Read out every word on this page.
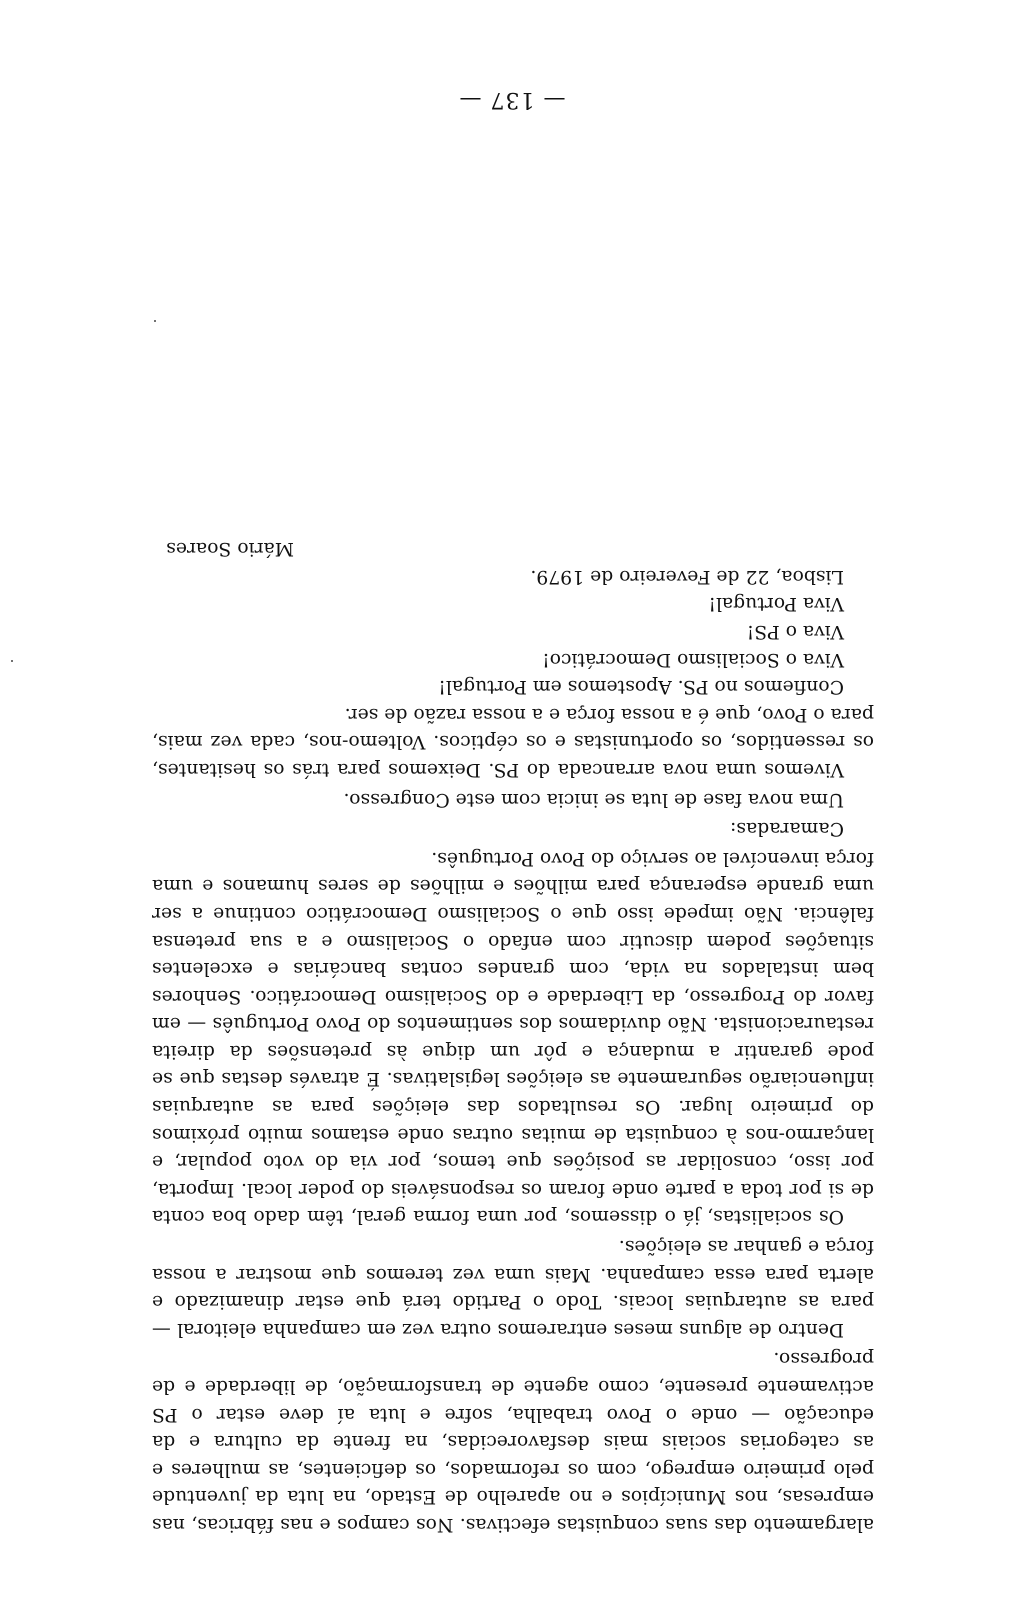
alargamento das suas conquistas efectivas. Nos campos e nas fábricas, nas empresas, nos Municípios e no aparelho de Estado, na luta da juventude pelo primeiro emprego, com os reformados, os deficientes, as mulheres e as categorias sociais mais desfavorecidas, na frente da cultura e da educação — onde o Povo trabalha, sofre e luta aí deve estar o PS activamente presente, como agente de transformação, de liberdade e de progresso.

Dentro de alguns meses entraremos outra vez em campanha eleitoral — para as autarquias locais. Todo o Partido terá que estar dinamizado e alerta para essa campanha. Mais uma vez teremos que mostrar a nossa força e ganhar as eleições.

Os socialistas, já o dissemos, por uma forma geral, têm dado boa conta de si por toda a parte onde foram os responsáveis do poder local. Importa, por isso, consolidar as posições que temos, por via do voto popular, e lançarmo-nos à conquista de muitas outras onde estamos muito próximos do primeiro lugar. Os resultados das eleições para as autarquias influenciarão seguramente as eleições legislativas. É através destas que se pode garantir a mudança e pôr um dique às pretensões da direita restauracionista. Não duvidamos dos sentimentos do Povo Português — em favor do Progresso, da Liberdade e do Socialismo Democrático. Senhores bem instalados na vida, com grandes contas bancárias e excelentes situações podem discutir com enfado o Socialismo e a sua pretensa falência. Não impede isso que o Socialismo Democrático continue a ser uma grande esperança para milhões e milhões de seres humanos e uma força invencível ao serviço do Povo Português.

Camaradas:

Uma nova fase de luta se inicia com este Congresso.

Vivemos uma nova arrancada do PS. Deixemos para trás os hesitantes, os ressentidos, os oportunistas e os cépticos. Voltemo-nos, cada vez mais, para o Povo, que é a nossa força e a nossa razão de ser.

Confiemos no PS. Apostemos em Portugal!

Viva o Socialismo Democrático!

Viva o PS!

Viva Portugal!

Lisboa, 22 de Fevereiro de 1979.

Mário Soares

— 137 —
